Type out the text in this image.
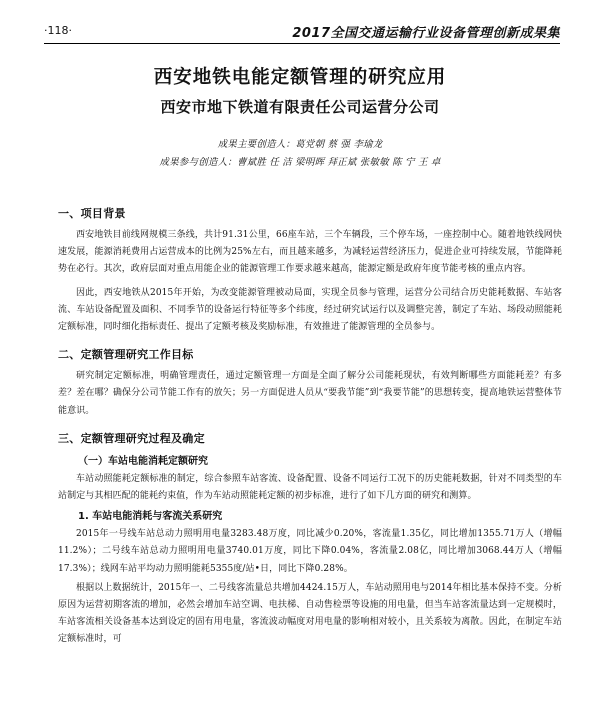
·118·	2017全国交通运输行业设备管理创新成果集
西安地铁电能定额管理的研究应用
西安市地下铁道有限责任公司运营分公司
成果主要创造人：葛党朝 蔡 强 李瑜龙
成果参与创造人：曹斌胜 任 洁 梁明晖 拜正斌 张敏敏 陈 宁 王 卓
一、项目背景

西安地铁目前线网规模三条线，共计91.31公里，66座车站，三个车辆段，三个停车场，一座控制中心。随着地铁线网快速发展，能源消耗费用占运营成本的比例为25%左右，而且越来越多，为减轻运营经济压力，促进企业可持续发展，节能降耗势在必行。其次，政府层面对重点用能企业的能源管理工作要求越来越高，能源定额是政府年度节能考核的重点内容。

因此，西安地铁从2015年开始，为改变能源管理被动局面，实现全员参与管理，运营分公司结合历史能耗数据、车站客流、车站设备配置及面积、不同季节的设备运行特征等多个纬度，经过研究试运行以及调整完善，制定了车站、场段动照能耗定额标准，同时细化指标责任、提出了定额考核及奖励标准，有效推进了能源管理的全员参与。

二、定额管理研究工作目标

研究制定定额标准，明确管理责任，通过定额管理一方面是全面了解分公司能耗现状，有效判断哪些方面能耗差？有多差？差在哪？确保分公司节能工作有的放矢；另一方面促进人员从“要我节能”到“我要节能”的思想转变，提高地铁运营整体节能意识。

三、定额管理研究过程及确定
（一）车站电能消耗定额研究

车站动照能耗定额标准的制定，综合参照车站客流、设备配置、设备不同运行工况下的历史能耗数据，针对不同类型的车站制定与其相匹配的能耗约束值，作为车站动照能耗定额的初步标准，进行了如下几方面的研究和测算。

1. 车站电能消耗与客流关系研究

2015年一号线车站总动力照明用电量3283.48万度，同比减少0.20%，客流量1.35亿，同比增加1355.71万人（增幅11.2%）；二号线车站总动力照明用电量3740.01万度，同比下降0.04%，客流量2.08亿，同比增加3068.44万人（增幅17.3%）；线网车站平均动力照明能耗5355度/站•日，同比下降0.28%。

根据以上数据统计，2015年一、二号线客流量总共增加4424.15万人，车站动照用电与2014年相比基本保持不变。分析原因为运营初期客流的增加，必然会增加车站空调、电扶梯、自动售检票等设施的用电量，但当车站客流量达到一定规模时，车站客流相关设备基本达到设定的固有用电量，客流波动幅度对用电量的影响相对较小，且关系较为离散。因此，在制定车站定额标准时，可
